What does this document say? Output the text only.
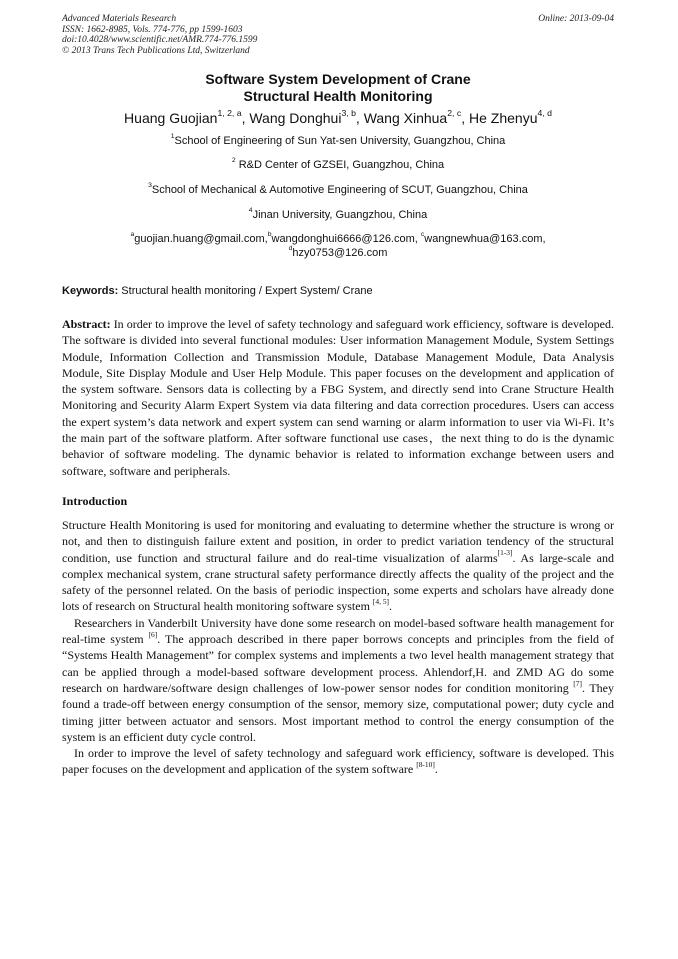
Advanced Materials Research
ISSN: 1662-8985, Vols. 774-776, pp 1599-1603
doi:10.4028/www.scientific.net/AMR.774-776.1599
© 2013 Trans Tech Publications Ltd, Switzerland
Online: 2013-09-04
Software System Development of Crane
Structural Health Monitoring
Huang Guojian$^{1, 2, a}$, Wang Donghui$^{3, b}$, Wang Xinhua$^{2, c}$, He Zhenyu$^{4, d}$
$^1$School of Engineering of Sun Yat-sen University, Guangzhou, China
$^2$ R&D Center of GZSEI, Guangzhou, China
$^3$School of Mechanical & Automotive Engineering of SCUT, Guangzhou, China
$^4$Jinan University, Guangzhou, China
$^a$guojian.huang@gmail.com,$^b$wangdonghui6666@126.com, $^c$wangnewhua@163.com,
$^d$hzy0753@126.com
Keywords: Structural health monitoring / Expert System/ Crane
Abstract: In order to improve the level of safety technology and safeguard work efficiency, software is developed. The software is divided into several functional modules: User information Management Module, System Settings Module, Information Collection and Transmission Module, Database Management Module, Data Analysis Module, Site Display Module and User Help Module. This paper focuses on the development and application of the system software. Sensors data is collecting by a FBG System, and directly send into Crane Structure Health Monitoring and Security Alarm Expert System via data filtering and data correction procedures. Users can access the expert system’s data network and expert system can send warning or alarm information to user via Wi-Fi. It’s the main part of the software platform. After software functional use cases，the next thing to do is the dynamic behavior of software modeling. The dynamic behavior is related to information exchange between users and software, software and peripherals.
Introduction
Structure Health Monitoring is used for monitoring and evaluating to determine whether the structure is wrong or not, and then to distinguish failure extent and position, in order to predict variation tendency of the structural condition, use function and structural failure and do real-time visualization of alarms[1-3]. As large-scale and complex mechanical system, crane structural safety performance directly affects the quality of the project and the safety of the personnel related. On the basis of periodic inspection, some experts and scholars have already done lots of research on Structural health monitoring software system [4, 5].
Researchers in Vanderbilt University have done some research on model-based software health management for real-time system [6]. The approach described in there paper borrows concepts and principles from the field of “Systems Health Management” for complex systems and implements a two level health management strategy that can be applied through a model-based software development process. Ahlendorf,H. and ZMD AG do some research on hardware/software design challenges of low-power sensor nodes for condition monitoring [7]. They found a trade-off between energy consumption of the sensor, memory size, computational power; duty cycle and timing jitter between actuator and sensors. Most important method to control the energy consumption of the system is an efficient duty cycle control.
In order to improve the level of safety technology and safeguard work efficiency, software is developed. This paper focuses on the development and application of the system software [8-10].
